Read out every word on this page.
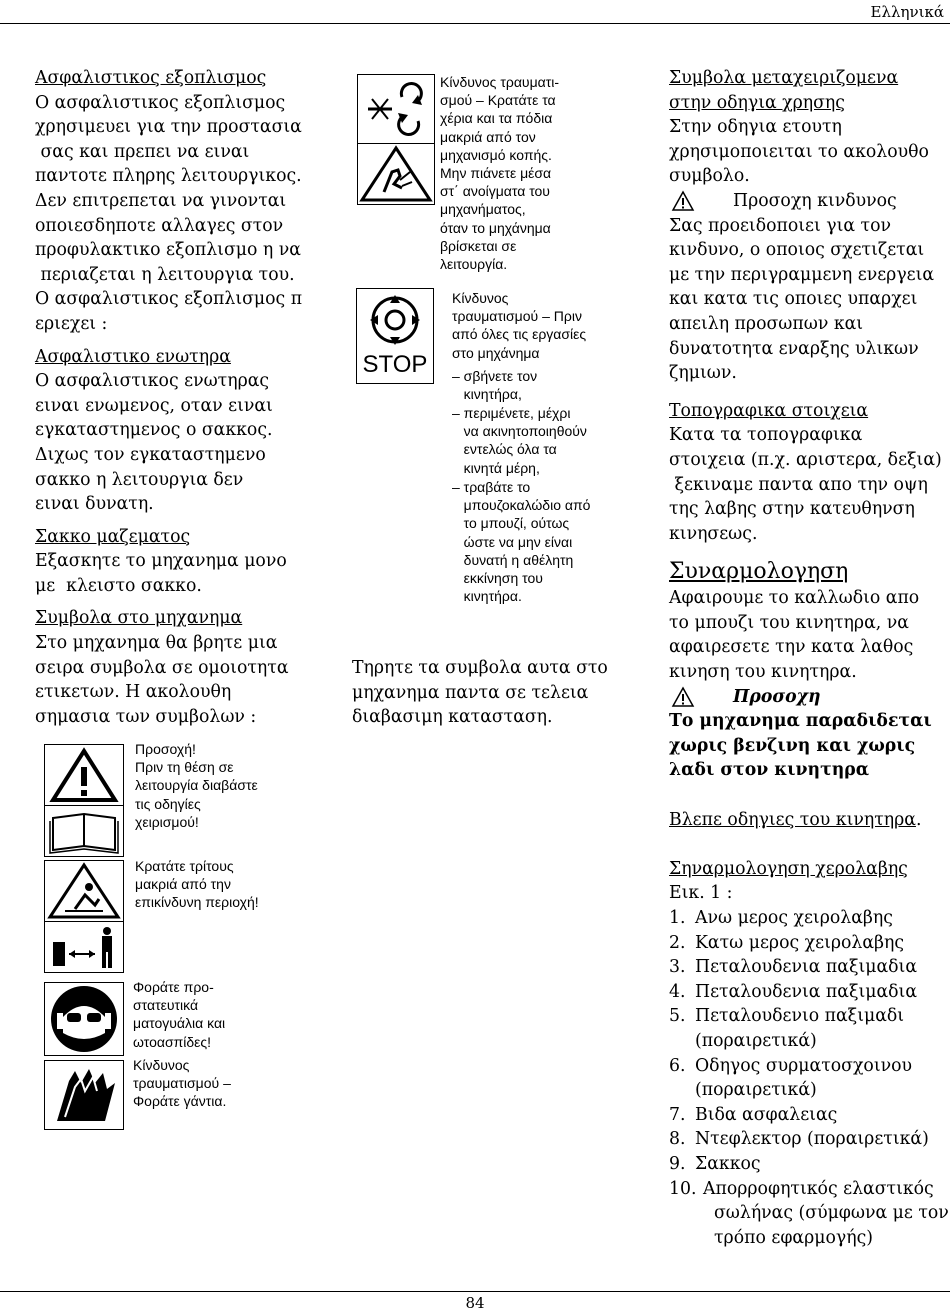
Ελληνικά
84

Ασφαλιστικος εξοπλισμος

Ο ασφαλιστικος εξοπλισμος
χρησιμευει για την προστασια
σας και πρεπει να ειναι
παντοτε πληρης λειτουργικος.
Δεν επιτρεπεται να γινονται
οποιεσδηποτε αλλαγες στον
προφυλακτικο εξοπλισμο η να
περιαζεται η λειτουργια του.
Ο ασφαλιστικος εξοπλισμος π
εριεχει :

Ασφαλιστικο ενωτηρα

Ο ασφαλιστικος ενωτηρας
ειναι ενωμενος, οταν ειναι
εγκαταστημενος ο σακκος.
Διχως τον εγκαταστημενο
σακκο η λειτουργια δεν
ειναι δυνατη.

Σακκο μαζεματος

Εξασκητε το μηχανημα μονο
με  κλειστο σακκο.

Συμβολα στο μηχανημα

Στο μηχανημα θα βρητε μια
σειρα συμβολα σε ομοιοτητα
ετικετων. Η ακολουθη
σημασια των συμβολων :

Προσοχή!
Πριν τη θέση σε
λειτουργία διαβάστε
τις οδηγίες
χειρισμού!

Κρατάτε τρίτους
μακριά από την
επικίνδυνη περιοχή!

Φοράτε προ-
στατευτικά
ματογυάλια και
ωτοασπίδες!

Κίνδυνος
τραυματισμού –
Φοράτε γάντια.

Κίνδυνος τραυματι-
σμού – Κρατάτε τα
χέρια και τα πόδια
μακριά από τον
μηχανισμό κοπής.
Μην πιάνετε μέσα
στ΄ ανοίγματα του
μηχανήματος,
όταν το μηχάνημα
βρίσκεται σε
λειτουργία.

STOP

Κίνδυνος
τραυματισμού – Πριν
από όλες τις εργασίες
στο μηχάνημα

– σβήνετε τον
κινητήρα,

– περιμένετε, μέχρι
να ακινητοποιηθούν
εντελώς όλα τα
κινητά μέρη,

– τραβάτε το
μπουζοκαλώδιο από
το μπουζί, ούτως
ώστε να μην είναι
δυνατή η αθέλητη
εκκίνηση του
κινητήρα.

Τηρητε τα συμβολα αυτα στο
μηχανημα παντα σε τελεια
διαβασιμη κατασταση.

Συμβολα μεταχειριζομενα
στην οδηγια χρησης

Στην οδηγια ετουτη
χρησιμοποιειται το ακολουθο
συμβολο.

Προσοχη κινδυνος

Σας προειδοποιει για τον
κινδυνο, ο οποιος σχετιζεται
με την περιγραμμενη ενεργεια
και κατα τις οποιες υπαρχει
απειλη προσωπων και
δυνατοτητα εναρξης υλικων
ζημιων.

Τοπογραφικα στοιχεια

Κατα τα τοπογραφικα
στοιχεια (π.χ. αριστερα, δεξια)
ξεκιναμε παντα απο την οψη
της λαβης στην κατευθηνση
κινησεως.

Συναρμολογηση

Αφαιρουμε το καλλωδιο απο
το μπουζι του κινητηρα, να
αφαιρεσετε την κατα λαθος
κινηση του κινητηρα.

Προσοχη

Το μηχανημα παραδιδεται
χωρις βενζινη και χωρις
λαδι στον κινητηρα

Βλεπε οδηγιες του κινητηρα.

Σηναρμολογηση χερολαβης

Εικ. 1 :

1. Ανω μερος χειρολαβης
2. Κατω μερος χειρολαβης
3. Πεταλουδενια παξιμαδια
4. Πεταλουδενια παξιμαδια
5. Πεταλουδενιο παξιμαδι
(πoραιρετικά)
6. Οδηγος συρματοσχοινου
(πoραιρετικά)
7. Βιδα ασφαλειας
8. Ντεφλεκτορ (πoραιρετικά)
9. Σακκος
10. Απορροφητικός ελαστικός
σωλήνας (σύμφωνα με τον
τρόπο εφαρμογής)
